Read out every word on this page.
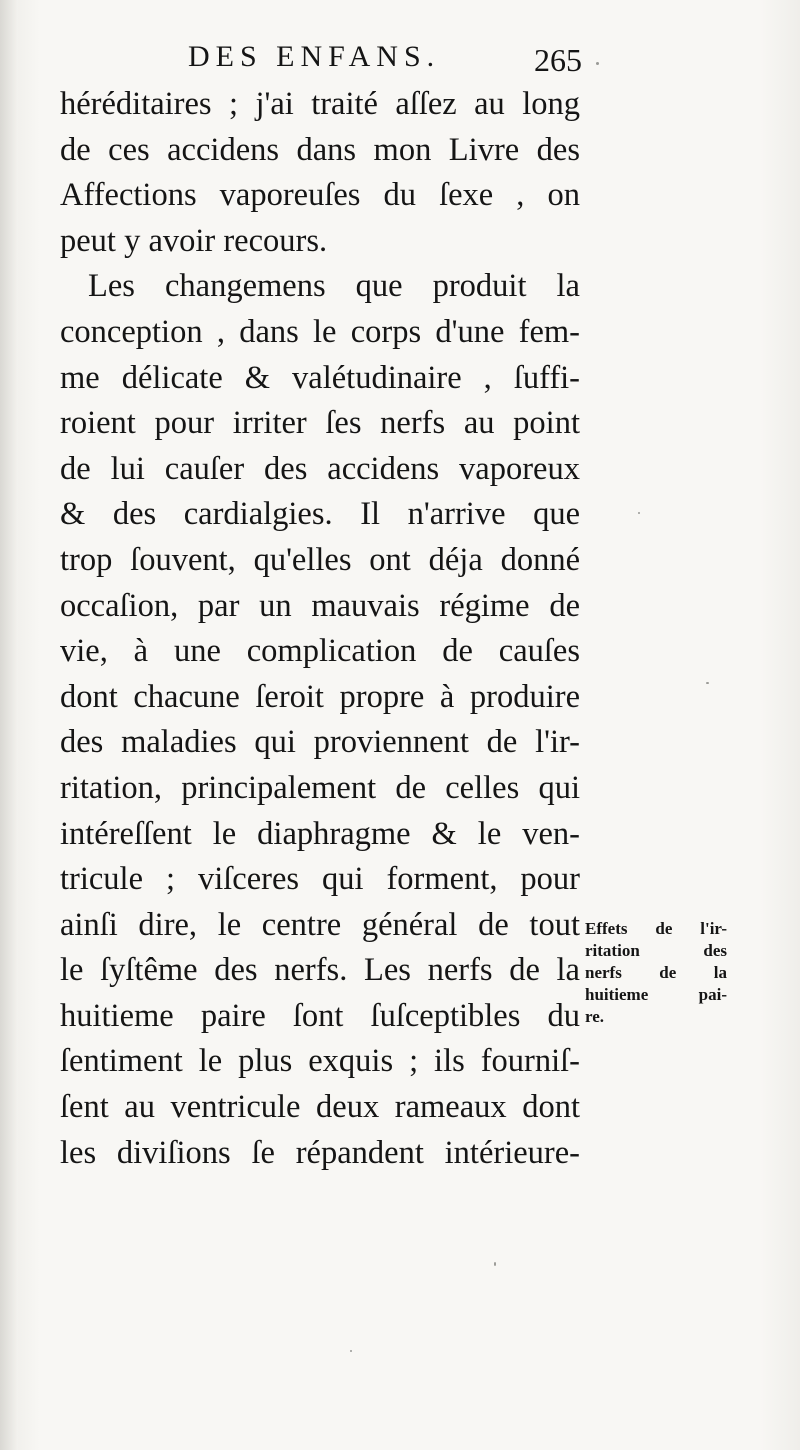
DES ENFANS.	265
héréditaires ; j'ai traité aſſez au long
de ces accidens dans mon Livre des
Affections vaporeuſes du ſexe , on
peut y avoir recours.
Les changemens que produit la
conception , dans le corps d'une fem-
me délicate & valétudinaire , ſuffi-
roient pour irriter ſes nerfs au point
de lui cauſer des accidens vaporeux
& des cardialgies. Il n'arrive que
trop ſouvent, qu'elles ont déja donné
occaſion, par un mauvais régime de
vie, à une complication de cauſes
dont chacune ſeroit propre à produire
des maladies qui proviennent de l'ir-
ritation, principalement de celles qui
intéreſſent le diaphragme & le ven-
tricule ; viſceres qui forment, pour
ainſi dire, le centre général de tout
le ſyſtême des nerfs. Les nerfs de la
huitieme paire ſont ſuſceptibles du
ſentiment le plus exquis ; ils fourniſ-
ſent au ventricule deux rameaux dont
les diviſions ſe répandent intérieure-
Effets de l'ir-
ritation des
nerfs de la
huitieme pai-
re.
